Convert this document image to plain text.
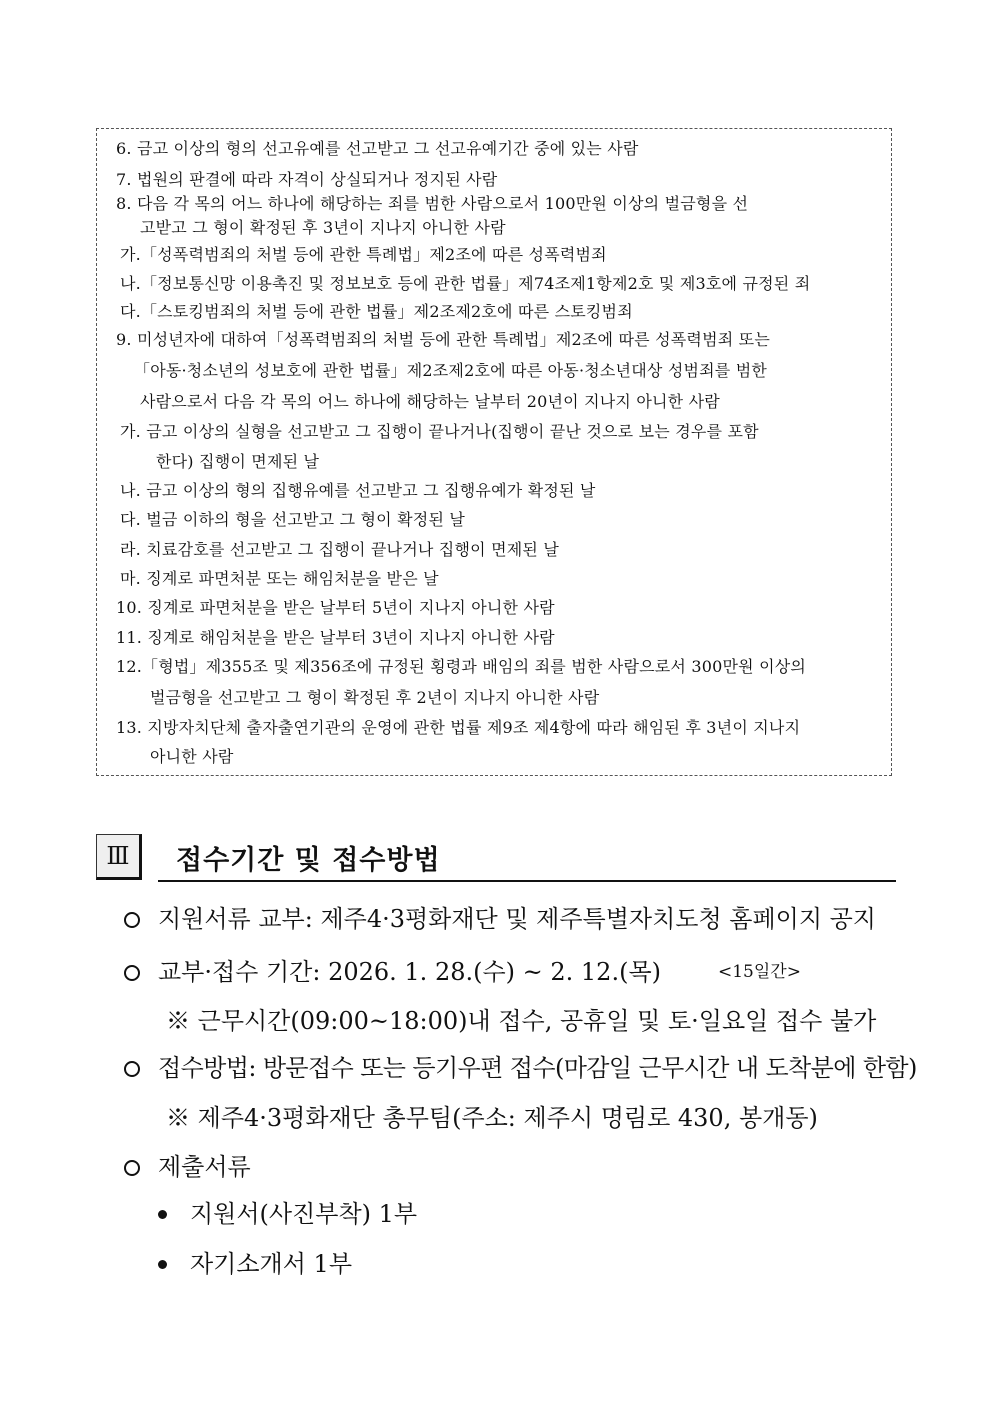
6. 금고 이상의 형의 선고유예를 선고받고 그 선고유예기간 중에 있는 사람
7. 법원의 판결에 따라 자격이 상실되거나 정지된 사람
8. 다음 각 목의 어느 하나에 해당하는 죄를 범한 사람으로서 100만원 이상의 벌금형을 선
고받고 그 형이 확정된 후 3년이 지나지 아니한 사람
가.「성폭력범죄의 처벌 등에 관한 특례법」제2조에 따른 성폭력범죄
나.「정보통신망 이용촉진 및 정보보호 등에 관한 법률」제74조제1항제2호 및 제3호에 규정된 죄
다.「스토킹범죄의 처벌 등에 관한 법률」제2조제2호에 따른 스토킹범죄
9. 미성년자에 대하여「성폭력범죄의 처벌 등에 관한 특례법」제2조에 따른 성폭력범죄 또는
「아동·청소년의 성보호에 관한 법률」제2조제2호에 따른 아동·청소년대상 성범죄를 범한
사람으로서 다음 각 목의 어느 하나에 해당하는 날부터 20년이 지나지 아니한 사람
가. 금고 이상의 실형을 선고받고 그 집행이 끝나거나(집행이 끝난 것으로 보는 경우를 포함
한다) 집행이 면제된 날
나. 금고 이상의 형의 집행유예를 선고받고 그 집행유예가 확정된 날
다. 벌금 이하의 형을 선고받고 그 형이 확정된 날
라. 치료감호를 선고받고 그 집행이 끝나거나 집행이 면제된 날
마. 징계로 파면처분 또는 해임처분을 받은 날
10. 징계로 파면처분을 받은 날부터 5년이 지나지 아니한 사람
11. 징계로 해임처분을 받은 날부터 3년이 지나지 아니한 사람
12.「형법」제355조 및 제356조에 규정된 횡령과 배임의 죄를 범한 사람으로서 300만원 이상의
벌금형을 선고받고 그 형이 확정된 후 2년이 지나지 아니한 사람
13. 지방자치단체 출자출연기관의 운영에 관한 법률 제9조 제4항에 따라 해임된 후 3년이 지나지
아니한 사람
Ⅲ	접수기간 및 접수방법
지원서류 교부: 제주4·3평화재단 및 제주특별자치도청 홈페이지 공지
교부·접수 기간: 2026. 1. 28.(수) ~ 2. 12.(목)	<15일간>
※ 근무시간(09:00~18:00)내 접수, 공휴일 및 토·일요일 접수 불가
접수방법: 방문접수 또는 등기우편 접수(마감일 근무시간 내 도착분에 한함)
※ 제주4·3평화재단 총무팀(주소: 제주시 명림로 430, 봉개동)
제출서류
지원서(사진부착) 1부
자기소개서 1부
